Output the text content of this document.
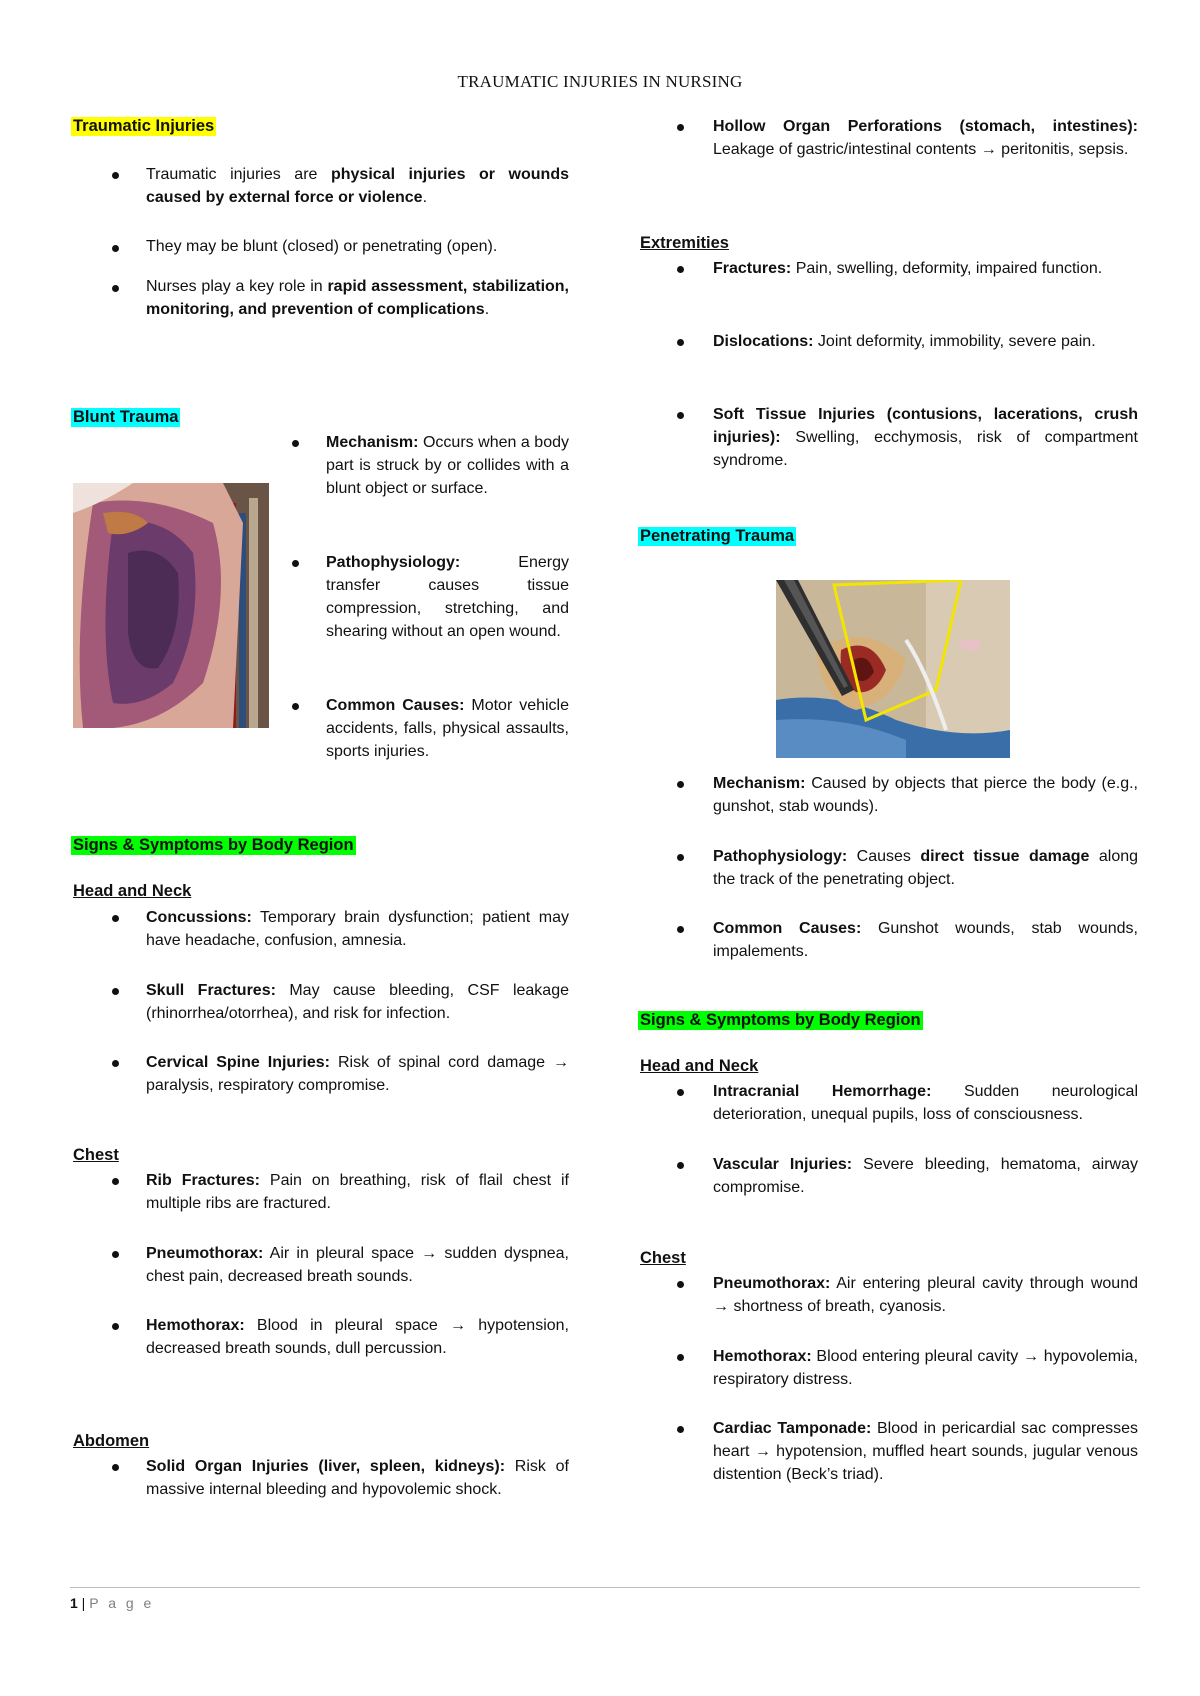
TRAUMATIC INJURIES IN NURSING
Traumatic Injuries
Traumatic injuries are physical injuries or wounds caused by external force or violence.
They may be blunt (closed) or penetrating (open).
Nurses play a key role in rapid assessment, stabilization, monitoring, and prevention of complications.
Blunt Trauma
Mechanism: Occurs when a body part is struck by or collides with a blunt object or surface.
Pathophysiology: Energy transfer causes tissue compression, stretching, and shearing without an open wound.
Common Causes: Motor vehicle accidents, falls, physical assaults, sports injuries.
Signs & Symptoms by Body Region
Head and Neck
Concussions: Temporary brain dysfunction; patient may have headache, confusion, amnesia.
Skull Fractures: May cause bleeding, CSF leakage (rhinorrhea/otorrhea), and risk for infection.
Cervical Spine Injuries: Risk of spinal cord damage → paralysis, respiratory compromise.
Chest
Rib Fractures: Pain on breathing, risk of flail chest if multiple ribs are fractured.
Pneumothorax: Air in pleural space → sudden dyspnea, chest pain, decreased breath sounds.
Hemothorax: Blood in pleural space → hypotension, decreased breath sounds, dull percussion.
Abdomen
Solid Organ Injuries (liver, spleen, kidneys): Risk of massive internal bleeding and hypovolemic shock.
Hollow Organ Perforations (stomach, intestines): Leakage of gastric/intestinal contents → peritonitis, sepsis.
Extremities
Fractures: Pain, swelling, deformity, impaired function.
Dislocations: Joint deformity, immobility, severe pain.
Soft Tissue Injuries (contusions, lacerations, crush injuries): Swelling, ecchymosis, risk of compartment syndrome.
Penetrating Trauma
Mechanism: Caused by objects that pierce the body (e.g., gunshot, stab wounds).
Pathophysiology: Causes direct tissue damage along the track of the penetrating object.
Common Causes: Gunshot wounds, stab wounds, impalements.
Signs & Symptoms by Body Region
Head and Neck
Intracranial Hemorrhage: Sudden neurological deterioration, unequal pupils, loss of consciousness.
Vascular Injuries: Severe bleeding, hematoma, airway compromise.
Chest
Pneumothorax: Air entering pleural cavity through wound → shortness of breath, cyanosis.
Hemothorax: Blood entering pleural cavity → hypovolemia, respiratory distress.
Cardiac Tamponade: Blood in pericardial sac compresses heart → hypotension, muffled heart sounds, jugular venous distention (Beck’s triad).
1 | P a g e
